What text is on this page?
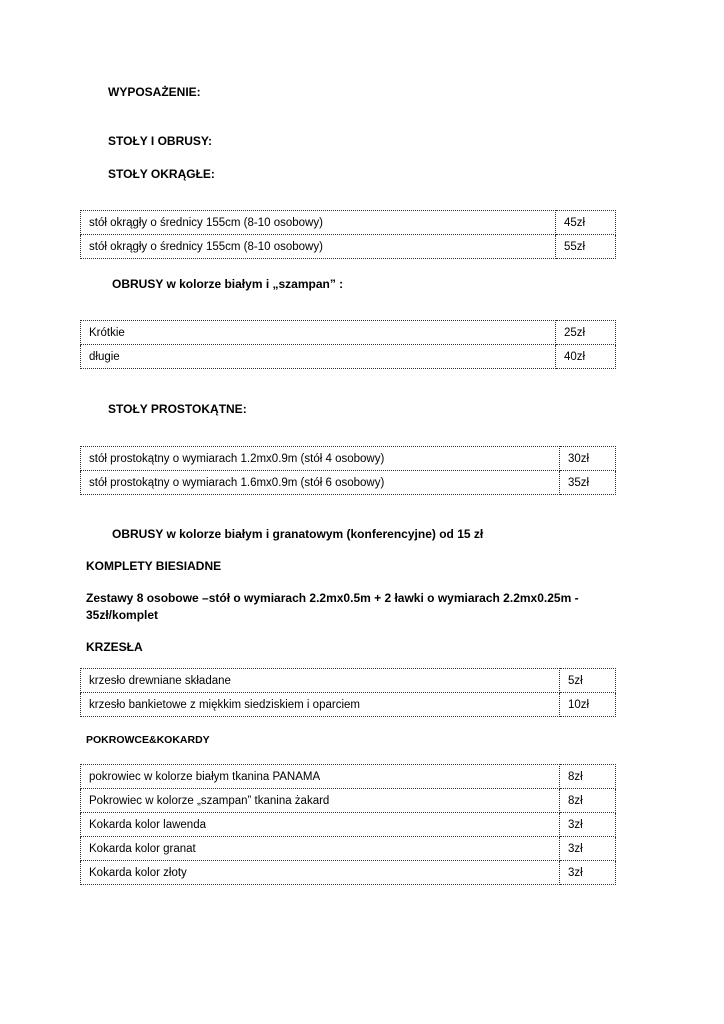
WYPOSAŻENIE:
STOŁY I OBRUSY:
STOŁY OKRĄGŁE:
stół okrągły o średnicy 155cm (8-10 osobowy)	45zł
stół okrągły o średnicy 155cm (8-10 osobowy)	55zł
OBRUSY w kolorze białym i „szampan” :
Krótkie	25zł
długie	40zł
STOŁY PROSTOKĄTNE:
stół prostokątny o wymiarach 1.2mx0.9m (stół 4 osobowy)	30zł
stół prostokątny o wymiarach 1.6mx0.9m (stół 6 osobowy)	35zł
OBRUSY w kolorze białym i granatowym (konferencyjne) od 15 zł
KOMPLETY BIESIADNE
Zestawy 8 osobowe –stół o wymiarach 2.2mx0.5m + 2 ławki o wymiarach 2.2mx0.25m -
35zł/komplet
KRZESŁA
krzesło drewniane składane	5zł
krzesło bankietowe z miękkim siedziskiem i oparciem	10zł
POKROWCE&KOKARDY
pokrowiec w kolorze białym tkanina PANAMA	8zł
Pokrowiec w kolorze „szampan” tkanina żakard	8zł
Kokarda kolor lawenda	3zł
Kokarda kolor granat	3zł
Kokarda kolor złoty	3zł
